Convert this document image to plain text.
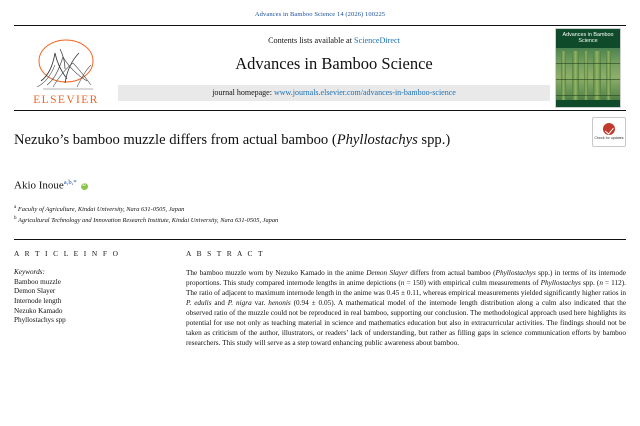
Advances in Bamboo Science 14 (2026) 100225
ELSEVIER
Contents lists available at ScienceDirect
Advances in Bamboo Science
journal homepage: www.journals.elsevier.com/advances-in-bamboo-science
Advances in Bamboo Science
Nezuko’s bamboo muzzle differs from actual bamboo (Phyllostachys spp.)	Check for updates
Akio Inoue$^{a,b,*}$iD
$^a$ Faculty of Agriculture, Kindai University, Nara 631-0505, Japan
$^b$ Agricultural Technology and Innovation Research Institute, Kindai University, Nara 631-0505, Japan
A R T I C L E I N F O
Keywords:
Bamboo muzzle
Demon Slayer
Internode length
Nezuko Kamado
Phyllostachys spp
A B S T R A C T
The bamboo muzzle worn by Nezuko Kamado in the anime Demon Slayer differs from actual bamboo (Phyllostachys spp.) in terms of its internode proportions. This study compared internode lengths in anime depictions (n = 150) with empirical culm measurements of Phyllostachys spp. (n = 112). The ratio of adjacent to maximum internode length in the anime was 0.45 ± 0.11, whereas empirical measurements yielded significantly higher ratios in P. edulis and P. nigra var. henonis (0.94 ± 0.05). A mathematical model of the internode length distribution along a culm also indicated that the observed ratio of the muzzle could not be reproduced in real bamboo, supporting our conclusion. The methodological approach used here highlights its potential for use not only as teaching material in science and mathematics education but also in extracurricular activities. The findings should not be taken as criticism of the author, illustrators, or readers’ lack of understanding, but rather as filling gaps in science communication efforts by bamboo researchers. This study will serve as a step toward enhancing public awareness about bamboo.
